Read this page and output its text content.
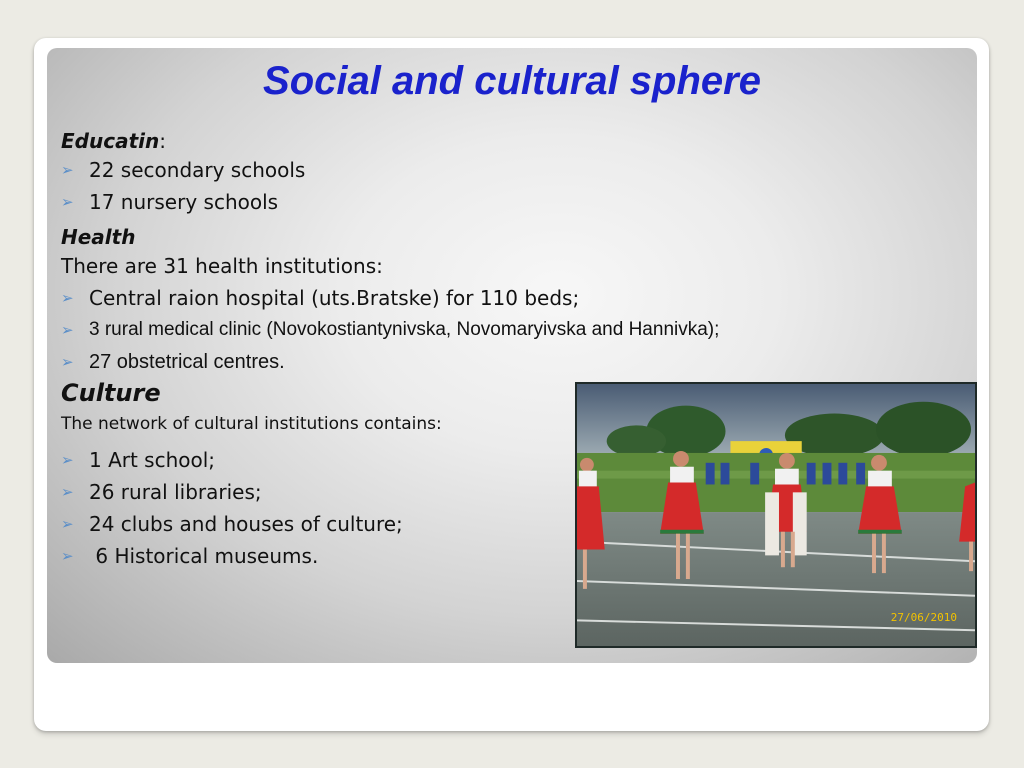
Social and cultural sphere
Educatin:
➢ 22 secondary schools
➢ 17 nursery schools
Health
There are 31 health institutions:
➢ Central raion hospital (uts.Bratske) for 110 beds;
➢ 3 rural medical clinic (Novokostiantynivska, Novomaryivska and Hannivka);
➢ 27 obstetrical centres.
Culture
The network of cultural institutions contains:
➢ 1 Art school;
➢ 26 rural libraries;
➢ 24 clubs and houses of culture;
➢ 6 Historical museums.
27/06/2010
